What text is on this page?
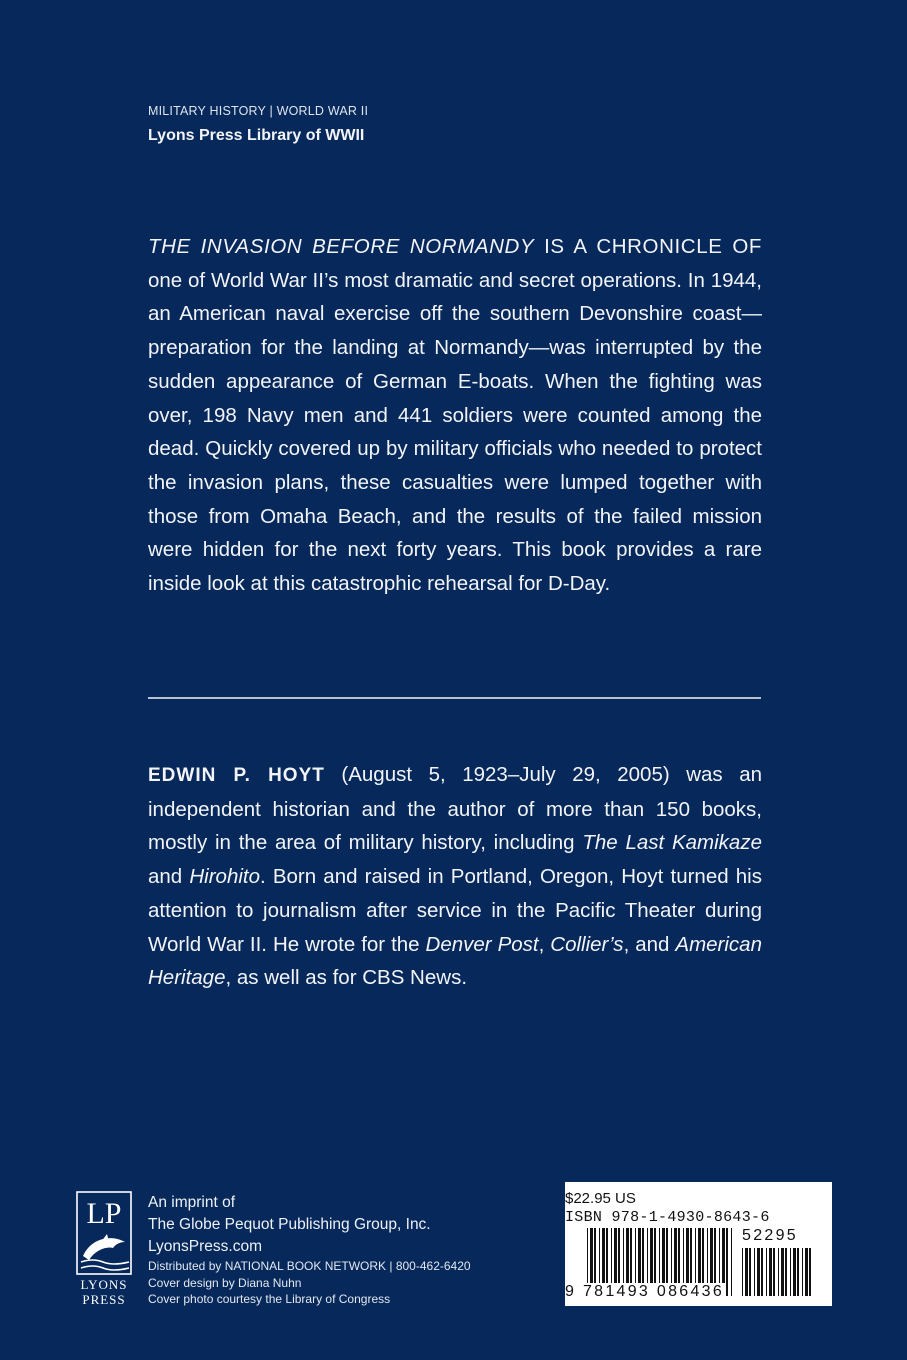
MILITARY HISTORY | WORLD WAR II
Lyons Press Library of WWII

THE INVASION BEFORE NORMANDY IS A CHRONICLE OF one of World War II’s most dramatic and secret operations. In 1944, an American naval exercise off the southern Devonshire coast—preparation for the landing at Normandy—was interrupted by the sudden appearance of German E-boats. When the fighting was over, 198 Navy men and 441 soldiers were counted among the dead. Quickly covered up by military officials who needed to protect the invasion plans, these casualties were lumped together with those from Omaha Beach, and the results of the failed mission were hidden for the next forty years. This book provides a rare inside look at this catastrophic rehearsal for D-Day.

EDWIN P. HOYT (August 5, 1923–July 29, 2005) was an independent historian and the author of more than 150 books, mostly in the area of military history, including The Last Kamikaze and Hirohito. Born and raised in Portland, Oregon, Hoyt turned his attention to journalism after service in the Pacific Theater during World War II. He wrote for the Denver Post, Collier’s, and American Heritage, as well as for CBS News.

LP
LYONS
PRESS
An imprint of
The Globe Pequot Publishing Group, Inc.
LyonsPress.com
Distributed by NATIONAL BOOK NETWORK | 800-462-6420
Cover design by Diana Nuhn
Cover photo courtesy the Library of Congress
$22.95 US
ISBN 978-1-4930-8643-6
52295
9 781493 086436
